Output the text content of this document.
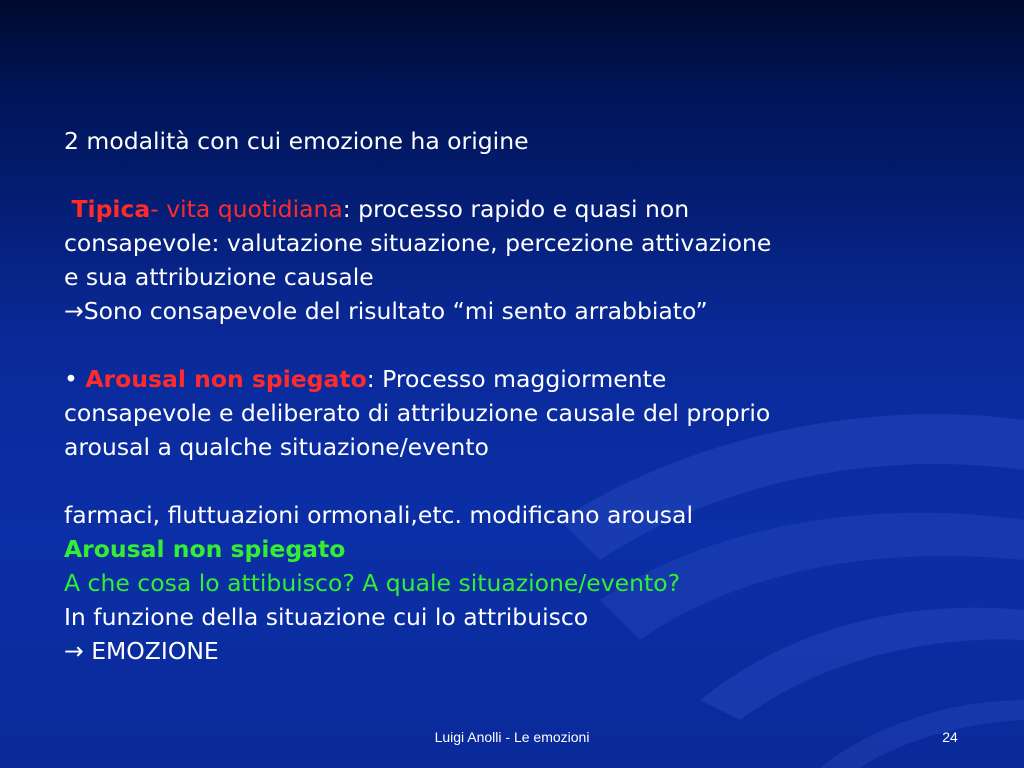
2 modalità con cui emozione ha origine

Tipica- vita quotidiana: processo rapido e quasi non

consapevole: valutazione situazione, percezione attivazione

e sua attribuzione causale

→Sono consapevole del risultato “mi sento arrabbiato”

• Arousal non spiegato: Processo maggiormente

consapevole e deliberato di attribuzione causale del proprio

arousal a qualche situazione/evento

farmaci, fluttuazioni ormonali,etc. modificano arousal

Arousal non spiegato

A che cosa lo attibuisco? A quale situazione/evento?

In funzione della situazione cui lo attribuisco

→ EMOZIONE

Luigi Anolli - Le emozioni	24
